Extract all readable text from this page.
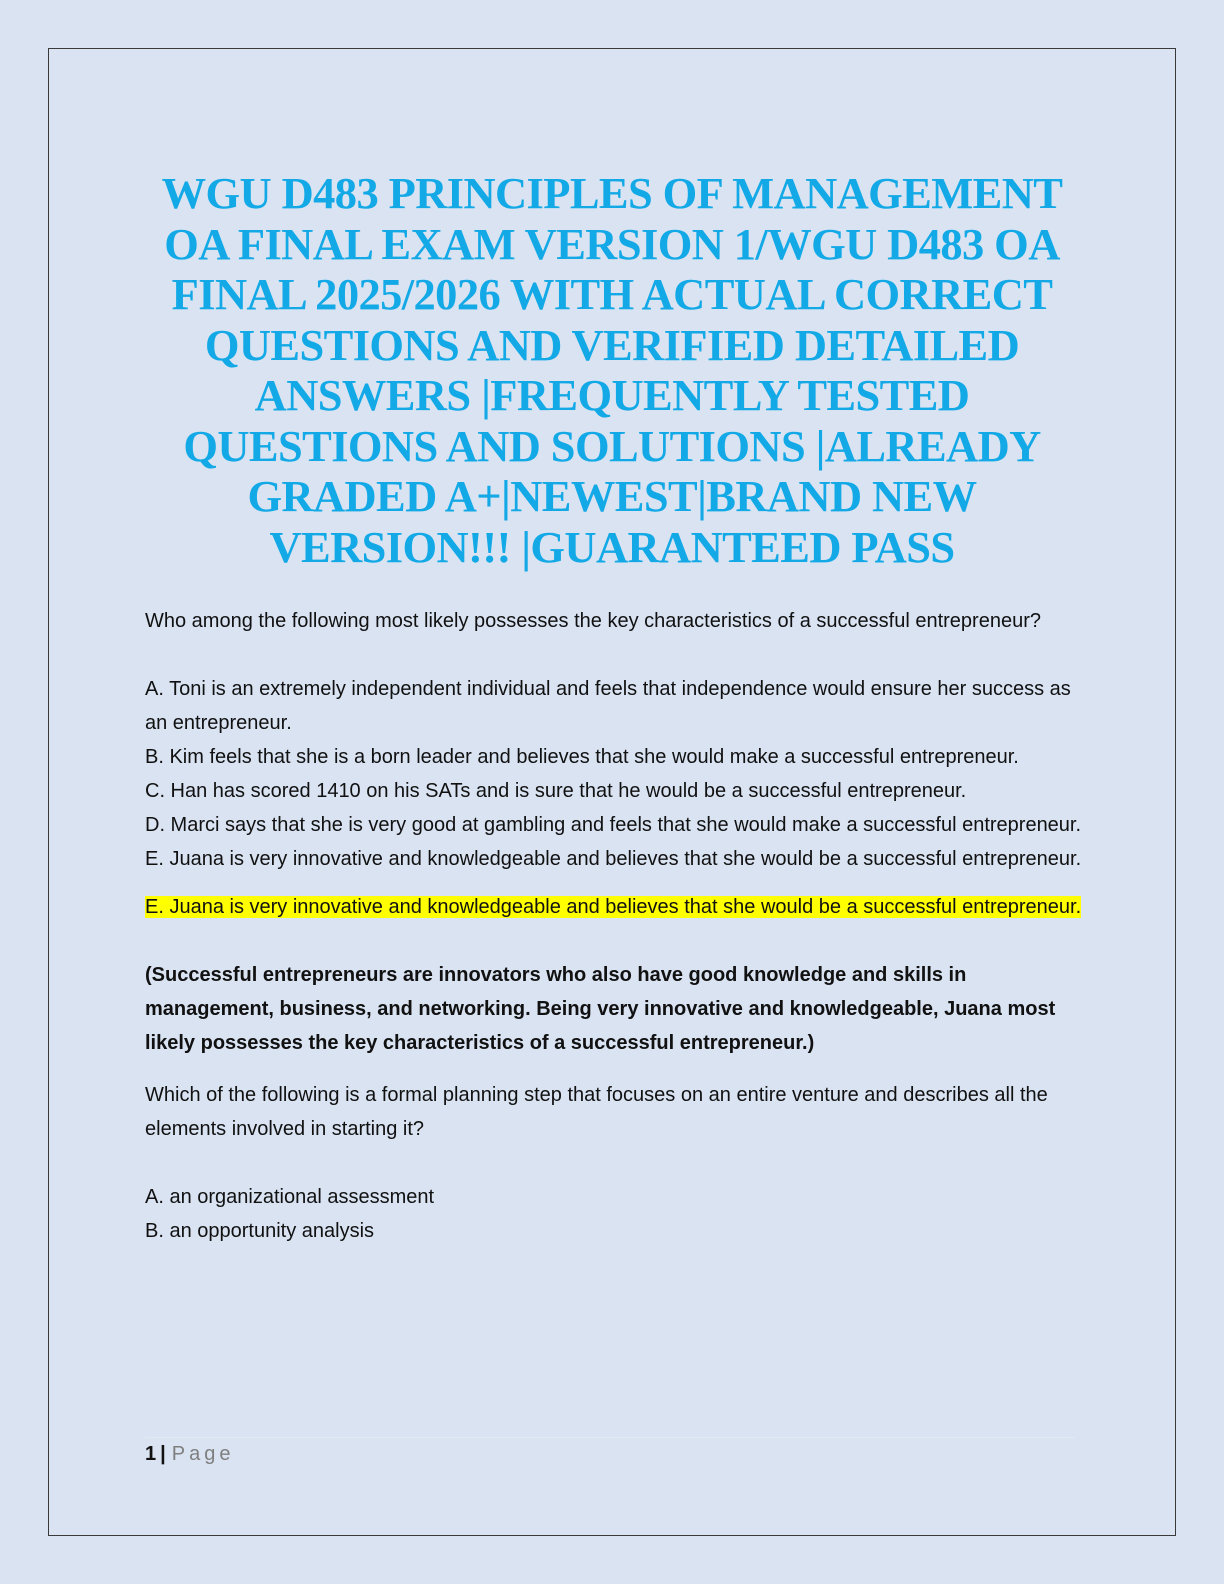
WGU D483 PRINCIPLES OF MANAGEMENT OA FINAL EXAM VERSION 1/WGU D483 OA FINAL 2025/2026 WITH ACTUAL CORRECT QUESTIONS AND VERIFIED DETAILED ANSWERS |FREQUENTLY TESTED QUESTIONS AND SOLUTIONS |ALREADY GRADED A+|NEWEST|BRAND NEW VERSION!!! |GUARANTEED PASS

Who among the following most likely possesses the key characteristics of a successful entrepreneur?

A. Toni is an extremely independent individual and feels that independence would ensure her success as an entrepreneur.

B. Kim feels that she is a born leader and believes that she would make a successful entrepreneur.

C. Han has scored 1410 on his SATs and is sure that he would be a successful entrepreneur.

D. Marci says that she is very good at gambling and feels that she would make a successful entrepreneur.

E. Juana is very innovative and knowledgeable and believes that she would be a successful entrepreneur.

E. Juana is very innovative and knowledgeable and believes that she would be a successful entrepreneur.

(Successful entrepreneurs are innovators who also have good knowledge and skills in management, business, and networking. Being very innovative and knowledgeable, Juana most likely possesses the key characteristics of a successful entrepreneur.)

Which of the following is a formal planning step that focuses on an entire venture and describes all the elements involved in starting it?

A. an organizational assessment

B. an opportunity analysis

1 | Page
